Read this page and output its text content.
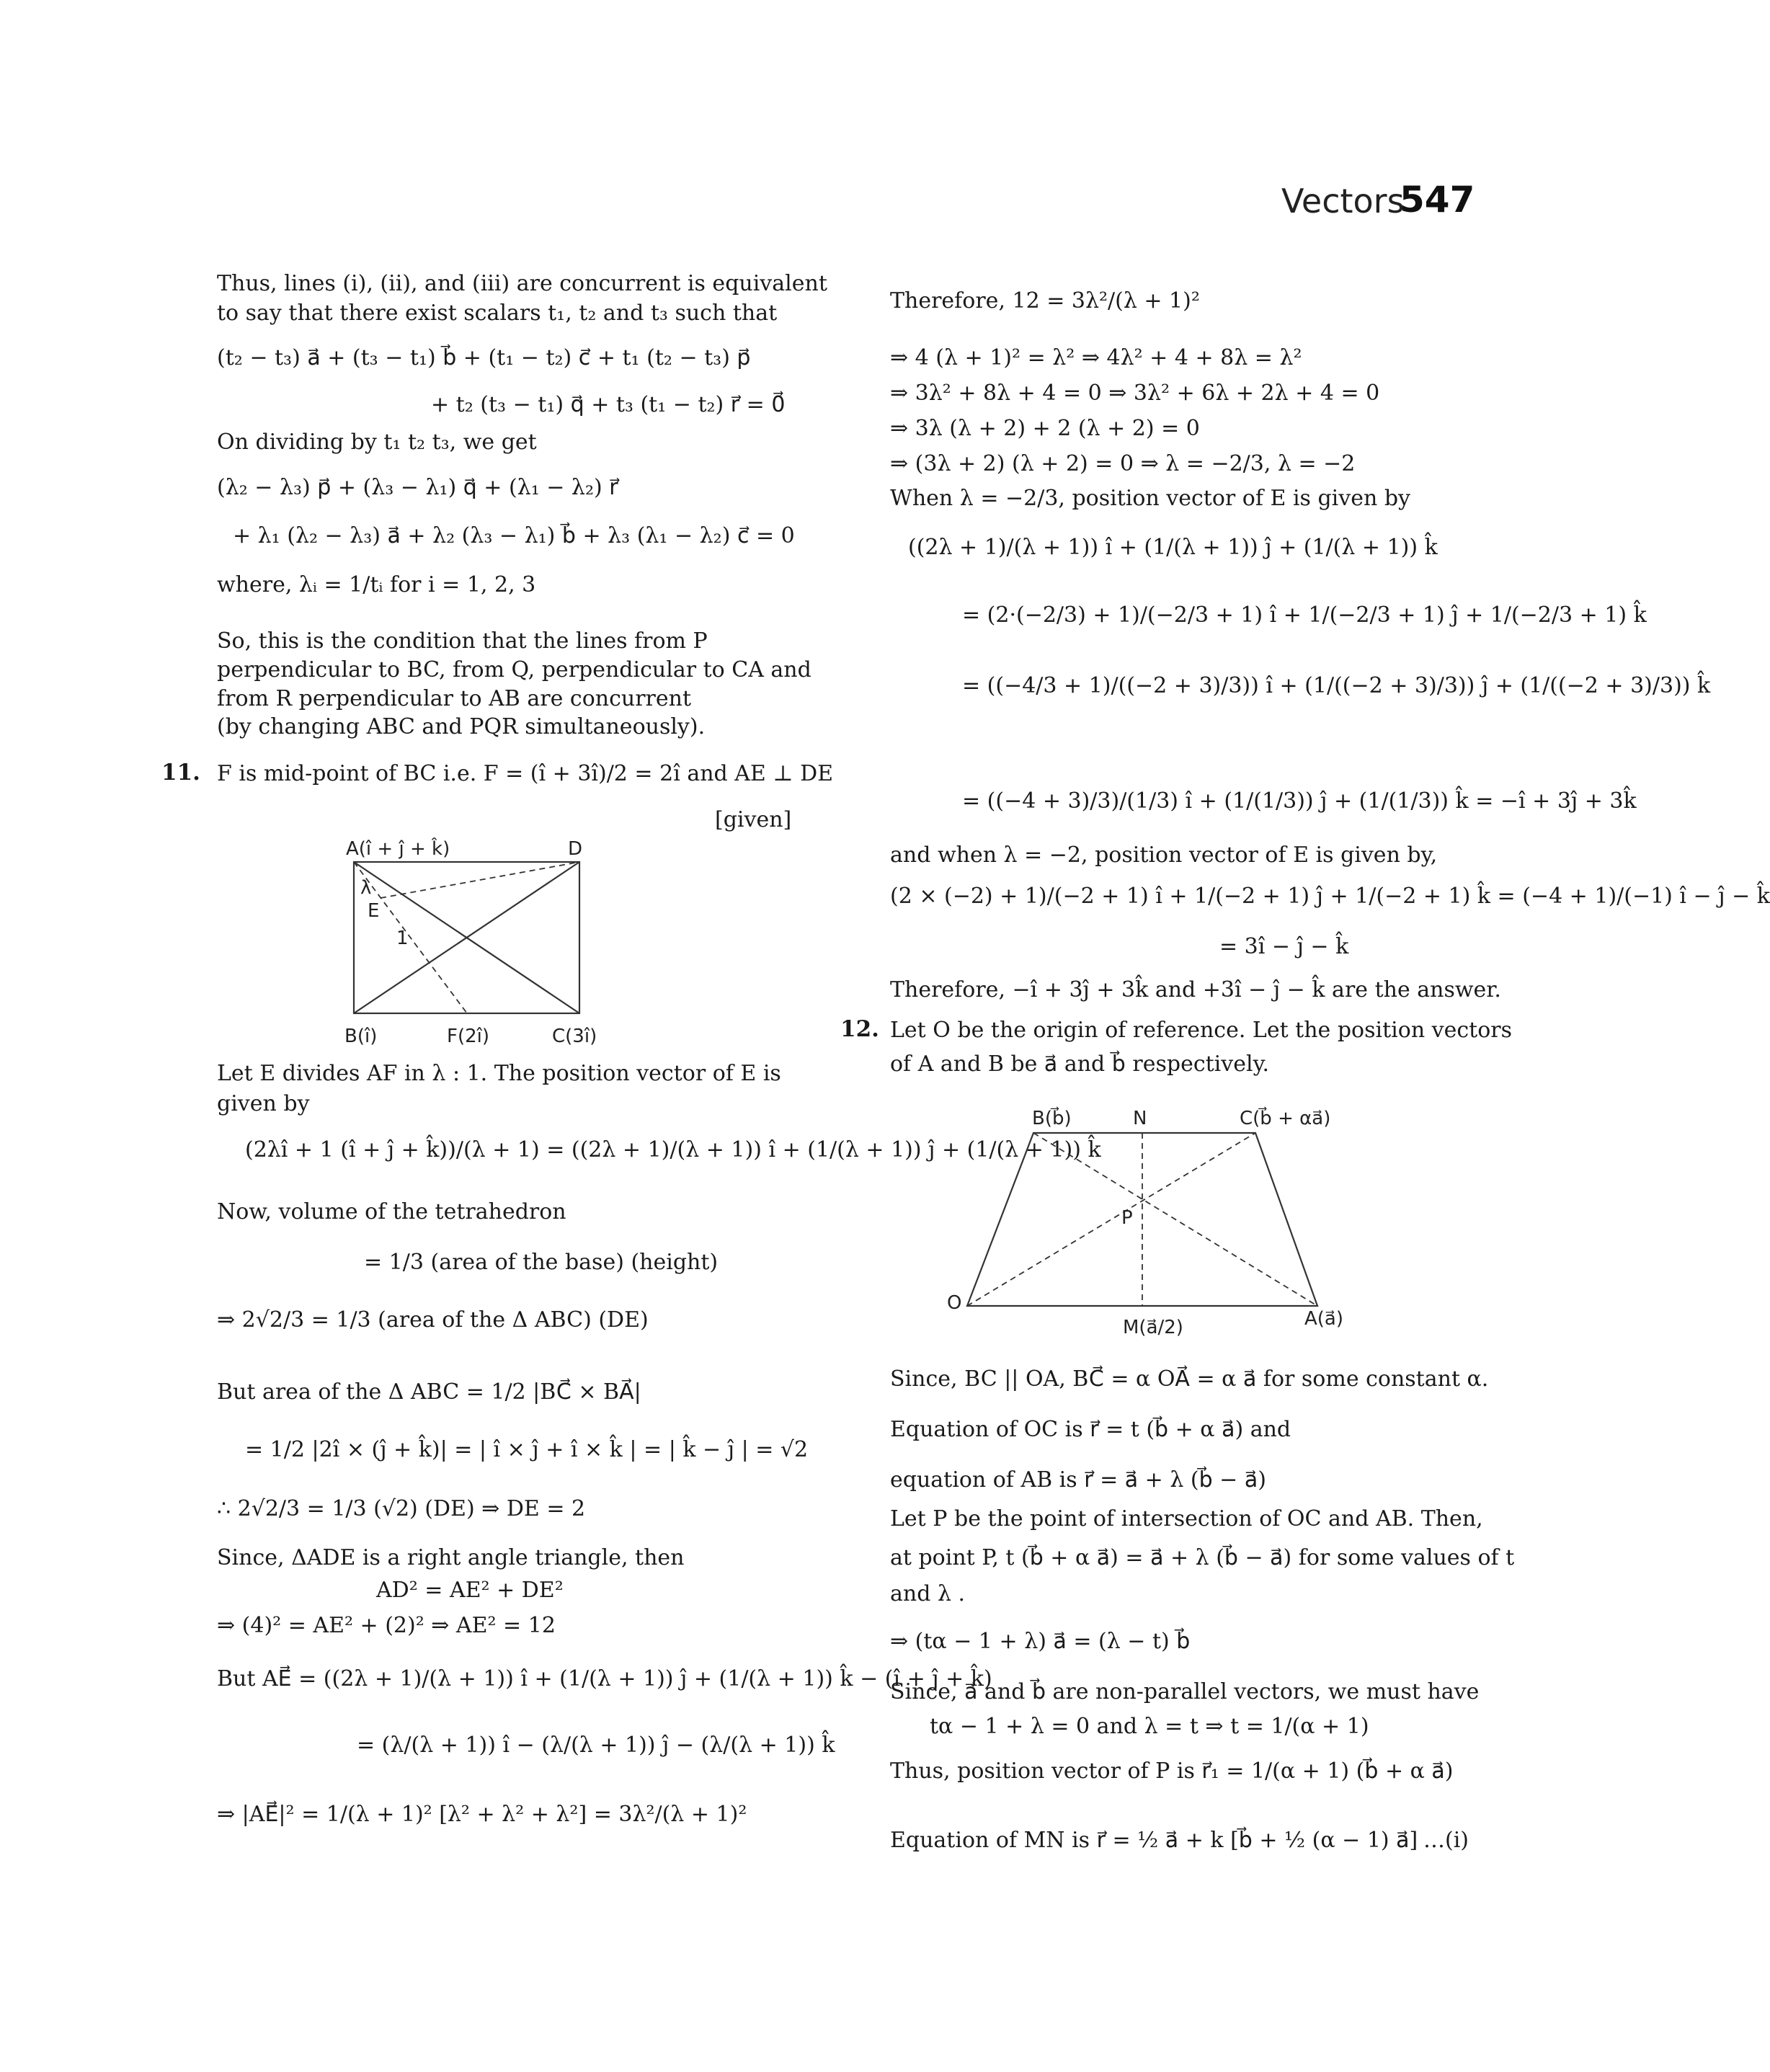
Vectors
547
Thus, lines (i), (ii), and (iii) are concurrent is equivalent
to say that there exist scalars t₁, t₂ and t₃ such that
(t₂ − t₃) a⃗ + (t₃ − t₁) b⃗ + (t₁ − t₂) c⃗ + t₁ (t₂ − t₃) p⃗
+ t₂ (t₃ − t₁) q⃗ + t₃ (t₁ − t₂) r⃗ = 0⃗
On dividing by t₁ t₂ t₃, we get
(λ₂ − λ₃) p⃗ + (λ₃ − λ₁) q⃗ + (λ₁ − λ₂) r⃗
+ λ₁ (λ₂ − λ₃) a⃗ + λ₂ (λ₃ − λ₁) b⃗ + λ₃ (λ₁ − λ₂) c⃗ = 0
where, λᵢ = 1/tᵢ for i = 1, 2, 3
So, this is the condition that the lines from P
perpendicular to BC, from Q, perpendicular to CA and
from R perpendicular to AB are concurrent
(by changing ABC and PQR simultaneously).
11. F is mid-point of BC i.e. F = (î + 3î)/2 = 2î and AE ⊥ DE
[given]
A(î + ĵ + k̂)	D
λ
E
1
B(î)	F(2î)	C(3î)
Let E divides AF in λ : 1. The position vector of E is
given by
(2λî + 1 (î + ĵ + k̂))/(λ + 1) = ((2λ + 1)/(λ + 1)) î + (1/(λ + 1)) ĵ + (1/(λ + 1)) k̂
Now, volume of the tetrahedron
= 1/3 (area of the base) (height)
⇒ 2√2/3 = 1/3 (area of the Δ ABC) (DE)
But area of the Δ ABC = 1/2 |BC⃗ × BA⃗|
= 1/2 |2î × (ĵ + k̂)| = | î × ĵ + î × k̂ | = | k̂ − ĵ | = √2
∴ 2√2/3 = 1/3 (√2) (DE) ⇒ DE = 2
Since, ΔADE is a right angle triangle, then
AD² = AE² + DE²
⇒ (4)² = AE² + (2)² ⇒ AE² = 12
But AE⃗ = ((2λ + 1)/(λ + 1)) î + (1/(λ + 1)) ĵ + (1/(λ + 1)) k̂ − (î + ĵ + k̂)
= (λ/(λ + 1)) î − (λ/(λ + 1)) ĵ − (λ/(λ + 1)) k̂
⇒ |AE⃗|² = 1/(λ + 1)² [λ² + λ² + λ²] = 3λ²/(λ + 1)²
Therefore, 12 = 3λ²/(λ + 1)²
⇒ 4 (λ + 1)² = λ² ⇒ 4λ² + 4 + 8λ = λ²
⇒ 3λ² + 8λ + 4 = 0 ⇒ 3λ² + 6λ + 2λ + 4 = 0
⇒ 3λ (λ + 2) + 2 (λ + 2) = 0
⇒ (3λ + 2) (λ + 2) = 0 ⇒ λ = −2/3, λ = −2
When λ = −2/3, position vector of E is given by
((2λ + 1)/(λ + 1)) î + (1/(λ + 1)) ĵ + (1/(λ + 1)) k̂
= (2·(−2/3) + 1)/(−2/3 + 1) î + 1/(−2/3 + 1) ĵ + 1/(−2/3 + 1) k̂
= ((−4/3 + 1)/((−2 + 3)/3)) î + (1/((−2 + 3)/3)) ĵ + (1/((−2 + 3)/3)) k̂
= ((−4 + 3)/3)/(1/3) î + (1/(1/3)) ĵ + (1/(1/3)) k̂ = −î + 3ĵ + 3k̂
and when λ = −2, position vector of E is given by,
(2 × (−2) + 1)/(−2 + 1) î + 1/(−2 + 1) ĵ + 1/(−2 + 1) k̂ = (−4 + 1)/(−1) î − ĵ − k̂
= 3î − ĵ − k̂
Therefore, −î + 3ĵ + 3k̂ and +3î − ĵ − k̂ are the answer.
12. Let O be the origin of reference. Let the position vectors
of A and B be a⃗ and b⃗ respectively.
B(b⃗)	N	C(b⃗ + αa⃗)
P
O
M(a⃗/2)	A(a⃗)
Since, BC || OA, BC⃗ = α OA⃗ = α a⃗ for some constant α.
Equation of OC is r⃗ = t (b⃗ + α a⃗) and
equation of AB is r⃗ = a⃗ + λ (b⃗ − a⃗)
Let P be the point of intersection of OC and AB. Then,
at point P, t (b⃗ + α a⃗) = a⃗ + λ (b⃗ − a⃗) for some values of t
and λ .
⇒ (tα − 1 + λ) a⃗ = (λ − t) b⃗
Since, a⃗ and b⃗ are non-parallel vectors, we must have
tα − 1 + λ = 0 and λ = t ⇒ t = 1/(α + 1)
Thus, position vector of P is r⃗₁ = 1/(α + 1) (b⃗ + α a⃗)
Equation of MN is r⃗ = ½ a⃗ + k [b⃗ + ½ (α − 1) a⃗] …(i)
